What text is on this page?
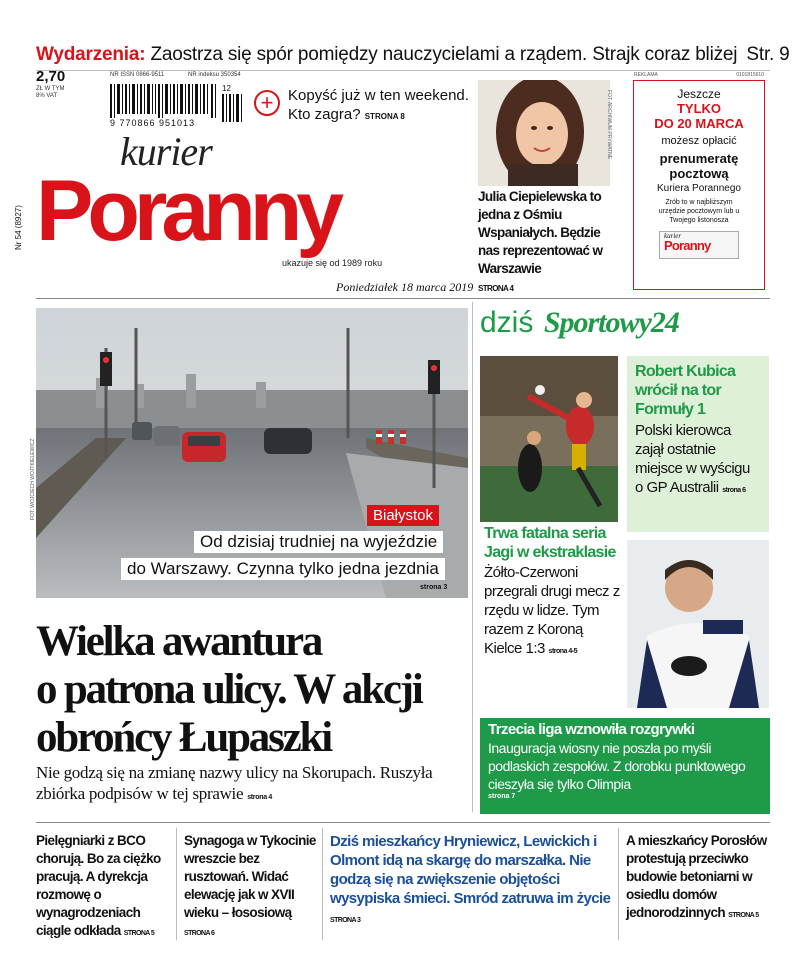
Wydarzenia: Zaostrza się spór pomiędzy nauczycielami a rządem. Strajk coraz bliżej Str. 9
2,70
ZŁ W TYM 8% VAT
NR ISSN 0866-9511	NR indeksu 350354
9 770866 951013
12
kurier
Poranny
ukazuje się od 1989 roku
Poniedziałek 18 marca 2019
Nr 54 (8927)
+ Kopyść już w ten weekend.
Kto zagra? STRONA 8	FOT. ARCHIWUM PRYWATNE
Julia Ciepielewska to jedna z Ośmiu Wspaniałych. Będzie nas reprezentować w Warszawie
STRONA 4
REKLAMA	0101815610
Jeszcze
TYLKO
DO 20 MARCA
możesz opłacić
prenumeratę
pocztową
Kuriera Porannego
Zrób to w najbliższym urzędzie pocztowym lub u Twojego listonosza
kurier
Poranny
FOT. WOJCIECH WOJTKIELEWICZ	Białystok
Od dzisiaj trudniej na wyjeździe
do Warszawy. Czynna tylko jedna jezdnia
strona 3
Wielka awantura
o patrona ulicy. W akcji
obrońcy Łupaszki
Nie godzą się na zmianę nazwy ulicy na Skorupach. Ruszyła zbiórka podpisów w tej sprawie strona 4
dziś Sportowy24
Robert Kubica wrócił na tor Formuły 1
Polski kierowca zajął ostatnie miejsce w wyścigu o GP Australii strona 6
Trwa fatalna seria Jagi w ekstraklasie
Żółto-Czerwoni przegrali drugi mecz z rzędu w lidze. Tym razem z Koroną Kielce 1:3 strona 4-5
Trzecia liga wznowiła rozgrywki
Inauguracja wiosny nie poszła po myśli podlaskich zespołów. Z dorobku punktowego cieszyła się tylko Olimpia
strona 7
Pielęgniarki z BCO chorują. Bo za ciężko pracują. A dyrekcja rozmowę o wynagrodzeniach ciągle odkłada STRONA 5
Synagoga w Tykocinie wreszcie bez rusztowań. Widać elewację jak w XVII wieku – łososiową STRONA 6
Dziś mieszkańcy Hryniewicz, Lewickich i Olmont idą na skargę do marszałka. Nie godzą się na zwiększenie objętości wysypiska śmieci. Smród zatruwa im życie STRONA 3
A mieszkańcy Porosłów protestują przeciwko budowie betoniarni w osiedlu domów jednorodzinnych STRONA 5
